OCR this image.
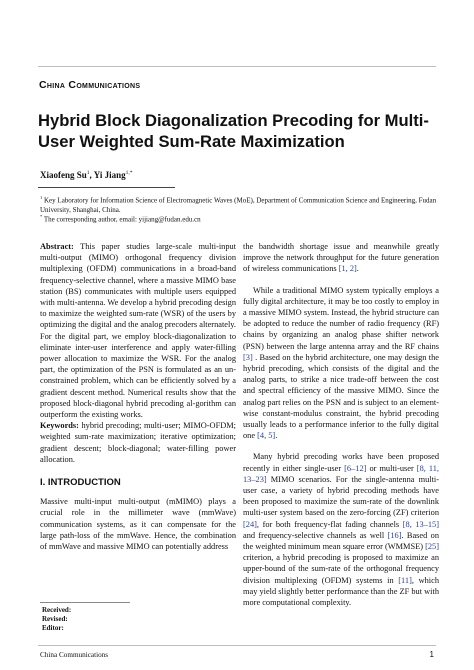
China Communications
Hybrid Block Diagonalization Precoding for Multi-User Weighted Sum-Rate Maximization
Xiaofeng Su$^1$, Yi Jiang$^{1,*}$
$^1$ Key Laboratory for Information Science of Electromagnetic Waves (MoE), Department of Communication Science and Engineering, Fudan University, Shanghai, China.
* The corresponding author, email: yijiang@fudan.edu.cn

Abstract: This paper studies large-scale multi-input multi-output (MIMO) orthogonal frequency division multiplexing (OFDM) communications in a broad-band frequency-selective channel, where a massive MIMO base station (BS) communicates with multiple users equipped with multi-antenna. We develop a hybrid precoding design to maximize the weighted sum-rate (WSR) of the users by optimizing the digital and the analog precoders alternately. For the digital part, we employ block-diagonalization to eliminate inter-user interference and apply water-filling power allocation to maximize the WSR. For the analog part, the optimization of the PSN is formulated as an un-constrained problem, which can be efficiently solved by a gradient descent method. Numerical results show that the proposed block-diagonal hybrid precoding al-gorithm can outperform the existing works.

Keywords: hybrid precoding; multi-user; MIMO-OFDM; weighted sum-rate maximization; iterative optimization; gradient descent; block-diagonal; water-filling power allocation.

I. INTRODUCTION

Massive multi-input multi-output (mMIMO) plays a crucial role in the millimeter wave (mmWave) communication systems, as it can compensate for the large path-loss of the mmWave. Hence, the combination of mmWave and massive MIMO can potentially address

the bandwidth shortage issue and meanwhile greatly improve the network throughput for the future generation of wireless communications [1, 2].

While a traditional MIMO system typically employs a fully digital architecture, it may be too costly to employ in a massive MIMO system. Instead, the hybrid structure can be adopted to reduce the number of radio frequency (RF) chains by organizing an analog phase shifter network (PSN) between the large antenna array and the RF chains [3] . Based on the hybrid architecture, one may design the hybrid precoding, which consists of the digital and the analog parts, to strike a nice trade-off between the cost and spectral efficiency of the massive MIMO. Since the analog part relies on the PSN and is subject to an element-wise constant-modulus constraint, the hybrid precoding usually leads to a performance inferior to the fully digital one [4, 5].

Many hybrid precoding works have been proposed recently in either single-user [6–12] or multi-user [8, 11, 13–23] MIMO scenarios. For the single-antenna multi-user case, a variety of hybrid precoding methods have been proposed to maximize the sum-rate of the downlink multi-user system based on the zero-forcing (ZF) criterion [24], for both frequency-flat fading channels [8, 13–15] and frequency-selective channels as well [16]. Based on the weighted minimum mean square error (WMMSE) [25] criterion, a hybrid precoding is proposed to maximize an upper-bound of the sum-rate of the orthogonal frequency division multiplexing (OFDM) systems in [11], which may yield slightly better performance than the ZF but with more computational complexity.

Received:
Revised:
Editor:
China Communications	1
